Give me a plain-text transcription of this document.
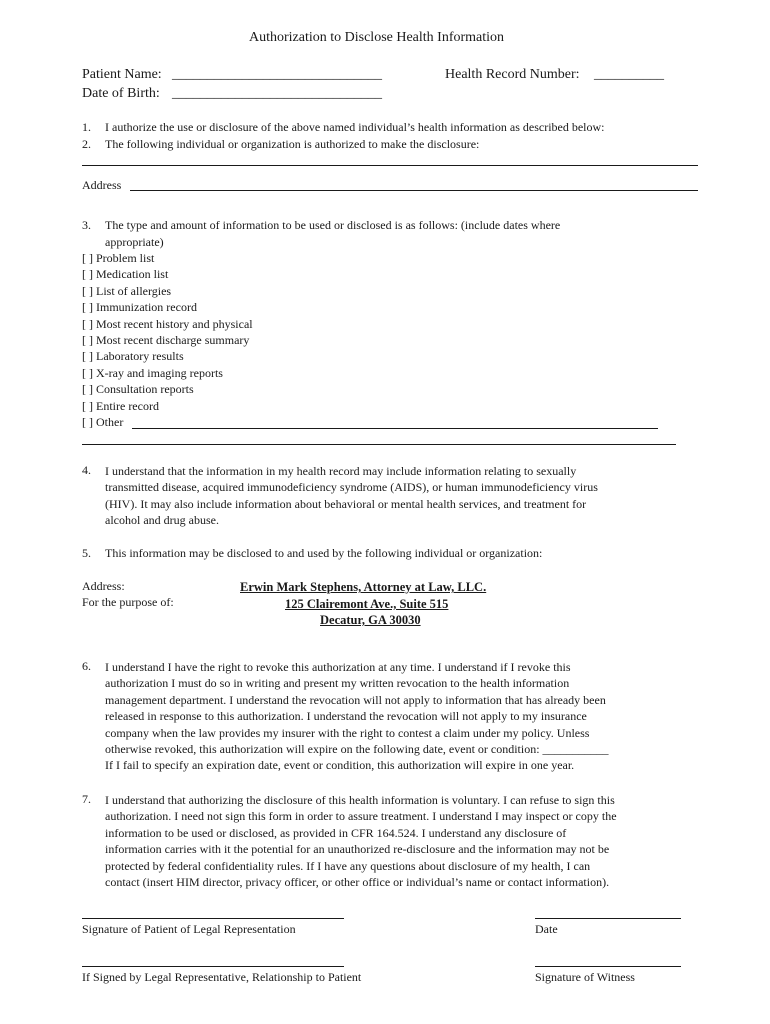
Authorization to Disclose Health Information
Patient Name: ______________________________	Health Record Number: __________
Date of Birth: ______________________________
1. I authorize the use or disclosure of the above named individual’s health information as described below:
2. The following individual or organization is authorized to make the disclosure:
Address
3. The type and amount of information to be used or disclosed is as follows: (include dates where
appropriate)
[ ] Problem list
[ ] Medication list
[ ] List of allergies
[ ] Immunization record
[ ] Most recent history and physical
[ ] Most recent discharge summary
[ ] Laboratory results
[ ] X-ray and imaging reports
[ ] Consultation reports
[ ] Entire record
[ ] Other
4. I understand that the information in my health record may include information relating to sexually
transmitted disease, acquired immunodeficiency syndrome (AIDS), or human immunodeficiency virus
(HIV). It may also include information about behavioral or mental health services, and treatment for
alcohol and drug abuse.
5. This information may be disclosed to and used by the following individual or organization:
Address:
For the purpose of:
Erwin Mark Stephens, Attorney at Law, LLC.
125 Clairemont Ave., Suite 515
Decatur, GA 30030
6. I understand I have the right to revoke this authorization at any time. I understand if I revoke this
authorization I must do so in writing and present my written revocation to the health information
management department. I understand the revocation will not apply to information that has already been
released in response to this authorization. I understand the revocation will not apply to my insurance
company when the law provides my insurer with the right to contest a claim under my policy. Unless
otherwise revoked, this authorization will expire on the following date, event or condition: ___________
If I fail to specify an expiration date, event or condition, this authorization will expire in one year.
7. I understand that authorizing the disclosure of this health information is voluntary. I can refuse to sign this
authorization. I need not sign this form in order to assure treatment. I understand I may inspect or copy the
information to be used or disclosed, as provided in CFR 164.524. I understand any disclosure of
information carries with it the potential for an unauthorized re-disclosure and the information may not be
protected by federal confidentiality rules. If I have any questions about disclosure of my health, I can
contact (insert HIM director, privacy officer, or other office or individual’s name or contact information).
Signature of Patient of Legal Representation	Date
If Signed by Legal Representative, Relationship to Patient	Signature of Witness
